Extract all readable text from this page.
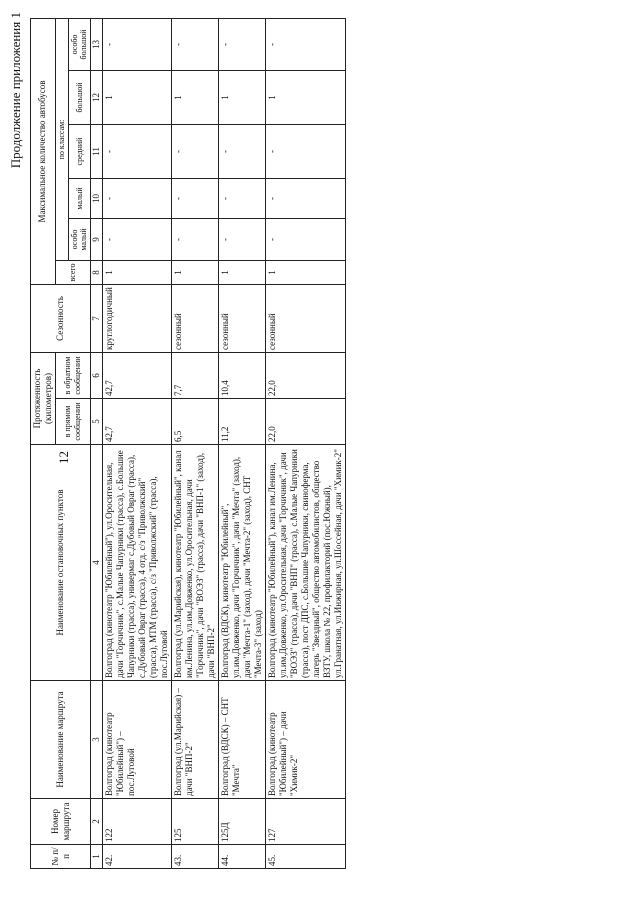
12
Продолжение приложения 1
№ п/п	Номер маршрута	Наименование маршрута	Наименование остановочных пунктов	Протяженность (километров)		Сезонность	Максимальное количество автобусов					
				в прямом сообщении	в обратном сообщении		всего	по классам:				
								особо малый	малый	средний	большой	особо большой
1	2	3	4	5	6	7	8	9	10	11	12	13
42.	122	Волгоград (кинотеатр "Юбилейный") – пос.Луговой	Волгоград (кинотеатр "Юбилейный"), ул.Оросительная, дачи "Горчичник", с.Малые Чапурники (трасса), с.Большие Чапурники (трасса), универмаг с.Дубовый Овраг (трасса), с.Дубовый Овраг (трасса), 4 отд. с/з "Приволжский" (трасса), МТМ (трасса), с/з "Приволжский" (трасса), пос.Луговой	42,7	42,7	круглогодичный	1	-	-	-	1	-
43.	125	Волгоград (ул.Марийская) – дачи "ВНП-2"	Волгоград (ул.Марийская), кинотеатр "Юбилейный", канал им.Ленина, ул.им.Довженко, ул.Оросительная, дачи "Горчичник", дачи "ВОЭЗ" (трасса), дачи "ВНП-1" (заход), дачи "ВНП-2"	6,5	7,7	сезонный	1	-	-	-	1	-
44.	125Д	Волгоград (ВДСК) – СНТ "Мечта"	Волгоград (ВДСК), кинотеатр "Юбилейный", ул.им.Довженко, дачи "Горчичник", дачи "Мечта" (заход), дачи "Мечта-1" (заход), дачи "Мечта-2" (заход), СНТ "Мечта-3" (заход)	11,2	10,4	сезонный	1	-	-	-	1	-
45.	127	Волгоград (кинотеатр "Юбилейный") – дачи "Химик-2"	Волгоград (кинотеатр "Юбилейный"), канал им.Ленина, ул.им.Довженко, ул.Оросительная, дачи "Горчичник", дачи "ВОЭЗ" (трасса), дачи "ВНП" (трасса), с.Малые Чапурники (трасса), пост ДПС, с.Большие Чапурники, свиноферма, лагерь "Звездный", общество автомобилистов, общество ВЗТУ, школа № 22, профилакторий (пос.Южный), ул.Гранатная, ул.Инжирная, ул.Шоссейная, дачи "Химик-2"	22,0	22,0	сезонный	1	-	-	-	1	-
